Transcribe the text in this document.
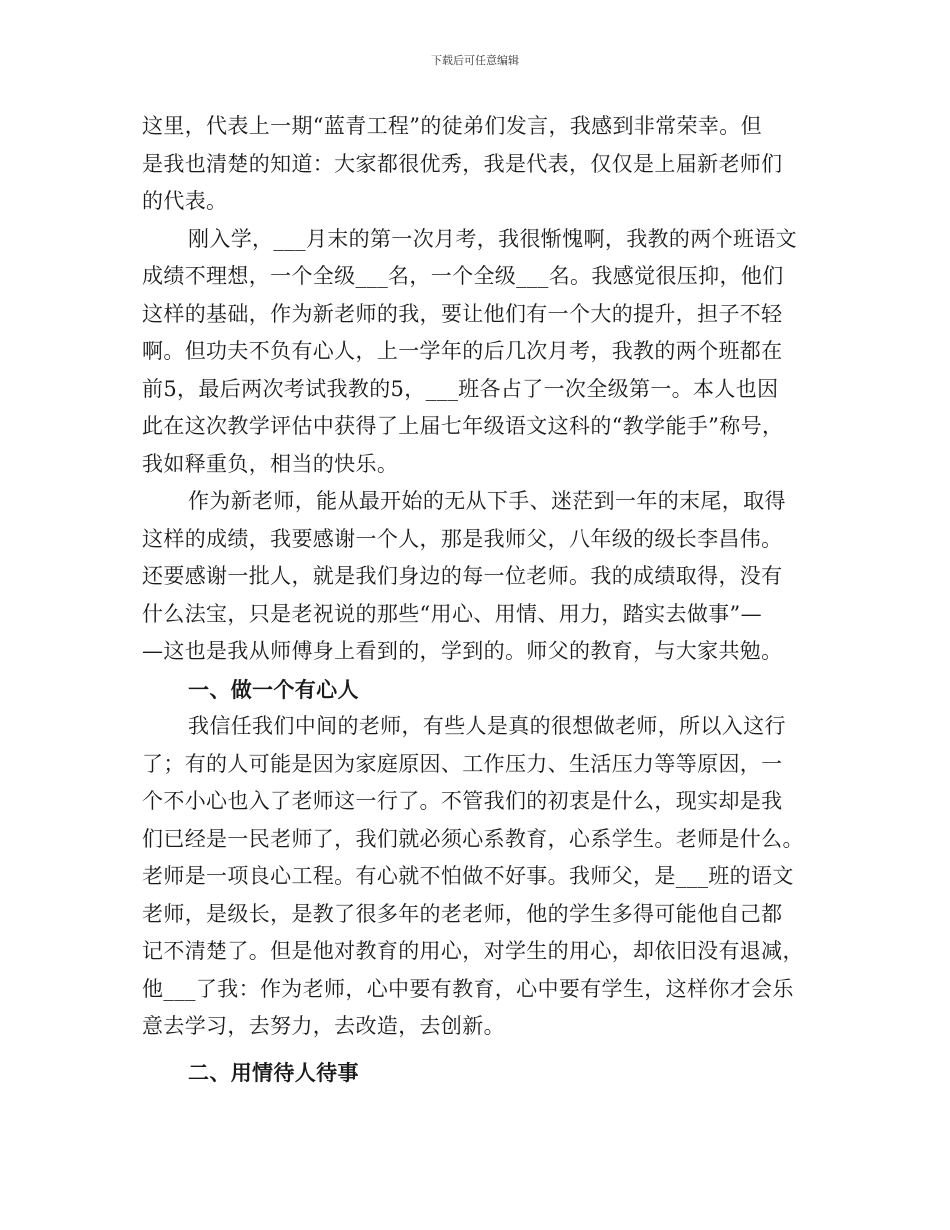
下载后可任意编辑
这里，代表上一期“蓝青工程”的徒弟们发言，我感到非常荣幸。但
是我也清楚的知道：大家都很优秀，我是代表，仅仅是上届新老师们
的代表。
刚入学，___月末的第一次月考，我很惭愧啊，我教的两个班语文
成绩不理想，一个全级___名，一个全级___名。我感觉很压抑，他们
这样的基础，作为新老师的我，要让他们有一个大的提升，担子不轻
啊。但功夫不负有心人，上一学年的后几次月考，我教的两个班都在
前5，最后两次考试我教的5，___班各占了一次全级第一。本人也因
此在这次教学评估中获得了上届七年级语文这科的“教学能手”称号，
我如释重负，相当的快乐。
作为新老师，能从最开始的无从下手、迷茫到一年的末尾，取得
这样的成绩，我要感谢一个人，那是我师父，八年级的级长李昌伟。
还要感谢一批人，就是我们身边的每一位老师。我的成绩取得，没有
什么法宝，只是老祝说的那些“用心、用情、用力，踏实去做事”—
—这也是我从师傅身上看到的，学到的。师父的教育，与大家共勉。
一、做一个有心人
我信任我们中间的老师，有些人是真的很想做老师，所以入这行
了；有的人可能是因为家庭原因、工作压力、生活压力等等原因，一
个不小心也入了老师这一行了。不管我们的初衷是什么，现实却是我
们已经是一民老师了，我们就必须心系教育，心系学生。老师是什么。
老师是一项良心工程。有心就不怕做不好事。我师父，是___班的语文
老师，是级长，是教了很多年的老老师，他的学生多得可能他自己都
记不清楚了。但是他对教育的用心，对学生的用心，却依旧没有退减，
他___了我：作为老师，心中要有教育，心中要有学生，这样你才会乐
意去学习，去努力，去改造，去创新。
二、用情待人待事
